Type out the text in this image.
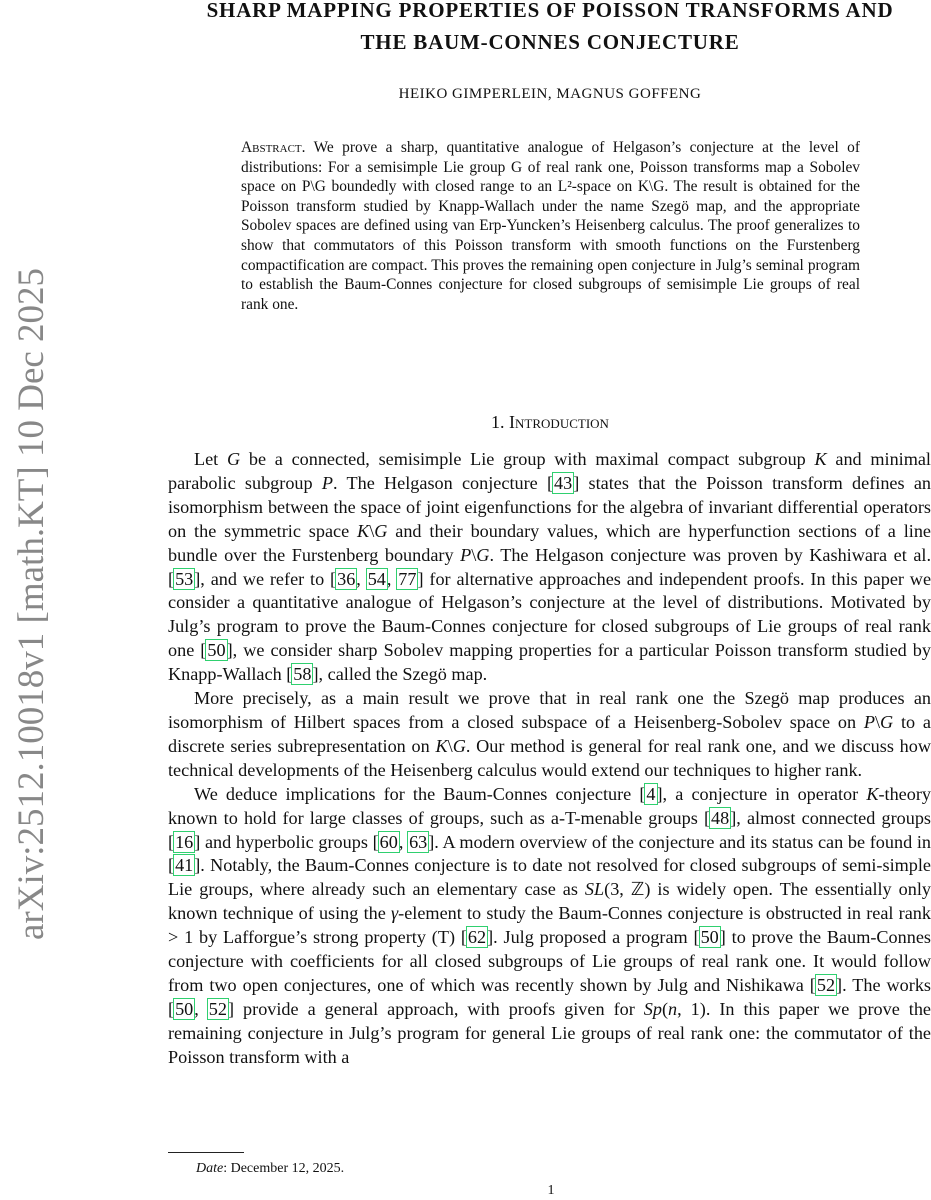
arXiv:2512.10018v1 [math.KT] 10 Dec 2025
SHARP MAPPING PROPERTIES OF POISSON TRANSFORMS AND
THE BAUM-CONNES CONJECTURE
HEIKO GIMPERLEIN, MAGNUS GOFFENG
Abstract. We prove a sharp, quantitative analogue of Helgason’s conjecture at the level of distributions: For a semisimple Lie group G of real rank one, Poisson transforms map a Sobolev space on P\G boundedly with closed range to an L²-space on K\G. The result is obtained for the Poisson transform studied by Knapp-Wallach under the name Szegö map, and the appropriate Sobolev spaces are defined using van Erp-Yuncken’s Heisenberg calculus. The proof generalizes to show that commutators of this Poisson transform with smooth functions on the Furstenberg compactification are compact. This proves the remaining open conjecture in Julg’s seminal program to establish the Baum-Connes conjecture for closed subgroups of semisimple Lie groups of real rank one.
1. Introduction

Let G be a connected, semisimple Lie group with maximal compact subgroup K and minimal parabolic subgroup P. The Helgason conjecture [43] states that the Poisson transform defines an isomorphism between the space of joint eigenfunctions for the algebra of invariant differential operators on the symmetric space K\G and their boundary values, which are hyperfunction sections of a line bundle over the Furstenberg boundary P\G. The Helgason conjecture was proven by Kashiwara et al. [53], and we refer to [36, 54, 77] for alternative approaches and independent proofs. In this paper we consider a quantitative analogue of Helgason’s conjecture at the level of distributions. Motivated by Julg’s program to prove the Baum-Connes conjecture for closed subgroups of Lie groups of real rank one [50], we consider sharp Sobolev mapping properties for a particular Poisson transform studied by Knapp-Wallach [58], called the Szegö map.

More precisely, as a main result we prove that in real rank one the Szegö map produces an isomorphism of Hilbert spaces from a closed subspace of a Heisenberg-Sobolev space on P\G to a discrete series subrepresentation on K\G. Our method is general for real rank one, and we discuss how technical developments of the Heisenberg calculus would extend our techniques to higher rank.

We deduce implications for the Baum-Connes conjecture [4], a conjecture in operator K-theory known to hold for large classes of groups, such as a-T-menable groups [48], almost connected groups [16] and hyperbolic groups [60, 63]. A modern overview of the conjecture and its status can be found in [41]. Notably, the Baum-Connes conjecture is to date not resolved for closed subgroups of semi-simple Lie groups, where already such an elementary case as SL(3, ℤ) is widely open. The essentially only known technique of using the γ-element to study the Baum-Connes conjecture is obstructed in real rank > 1 by Lafforgue’s strong property (T) [62]. Julg proposed a program [50] to prove the Baum-Connes conjecture with coefficients for all closed subgroups of Lie groups of real rank one. It would follow from two open conjectures, one of which was recently shown by Julg and Nishikawa [52]. The works [50, 52] provide a general approach, with proofs given for Sp(n, 1). In this paper we prove the remaining conjecture in Julg’s program for general Lie groups of real rank one: the commutator of the Poisson transform with a

Date: December 12, 2025.
1
